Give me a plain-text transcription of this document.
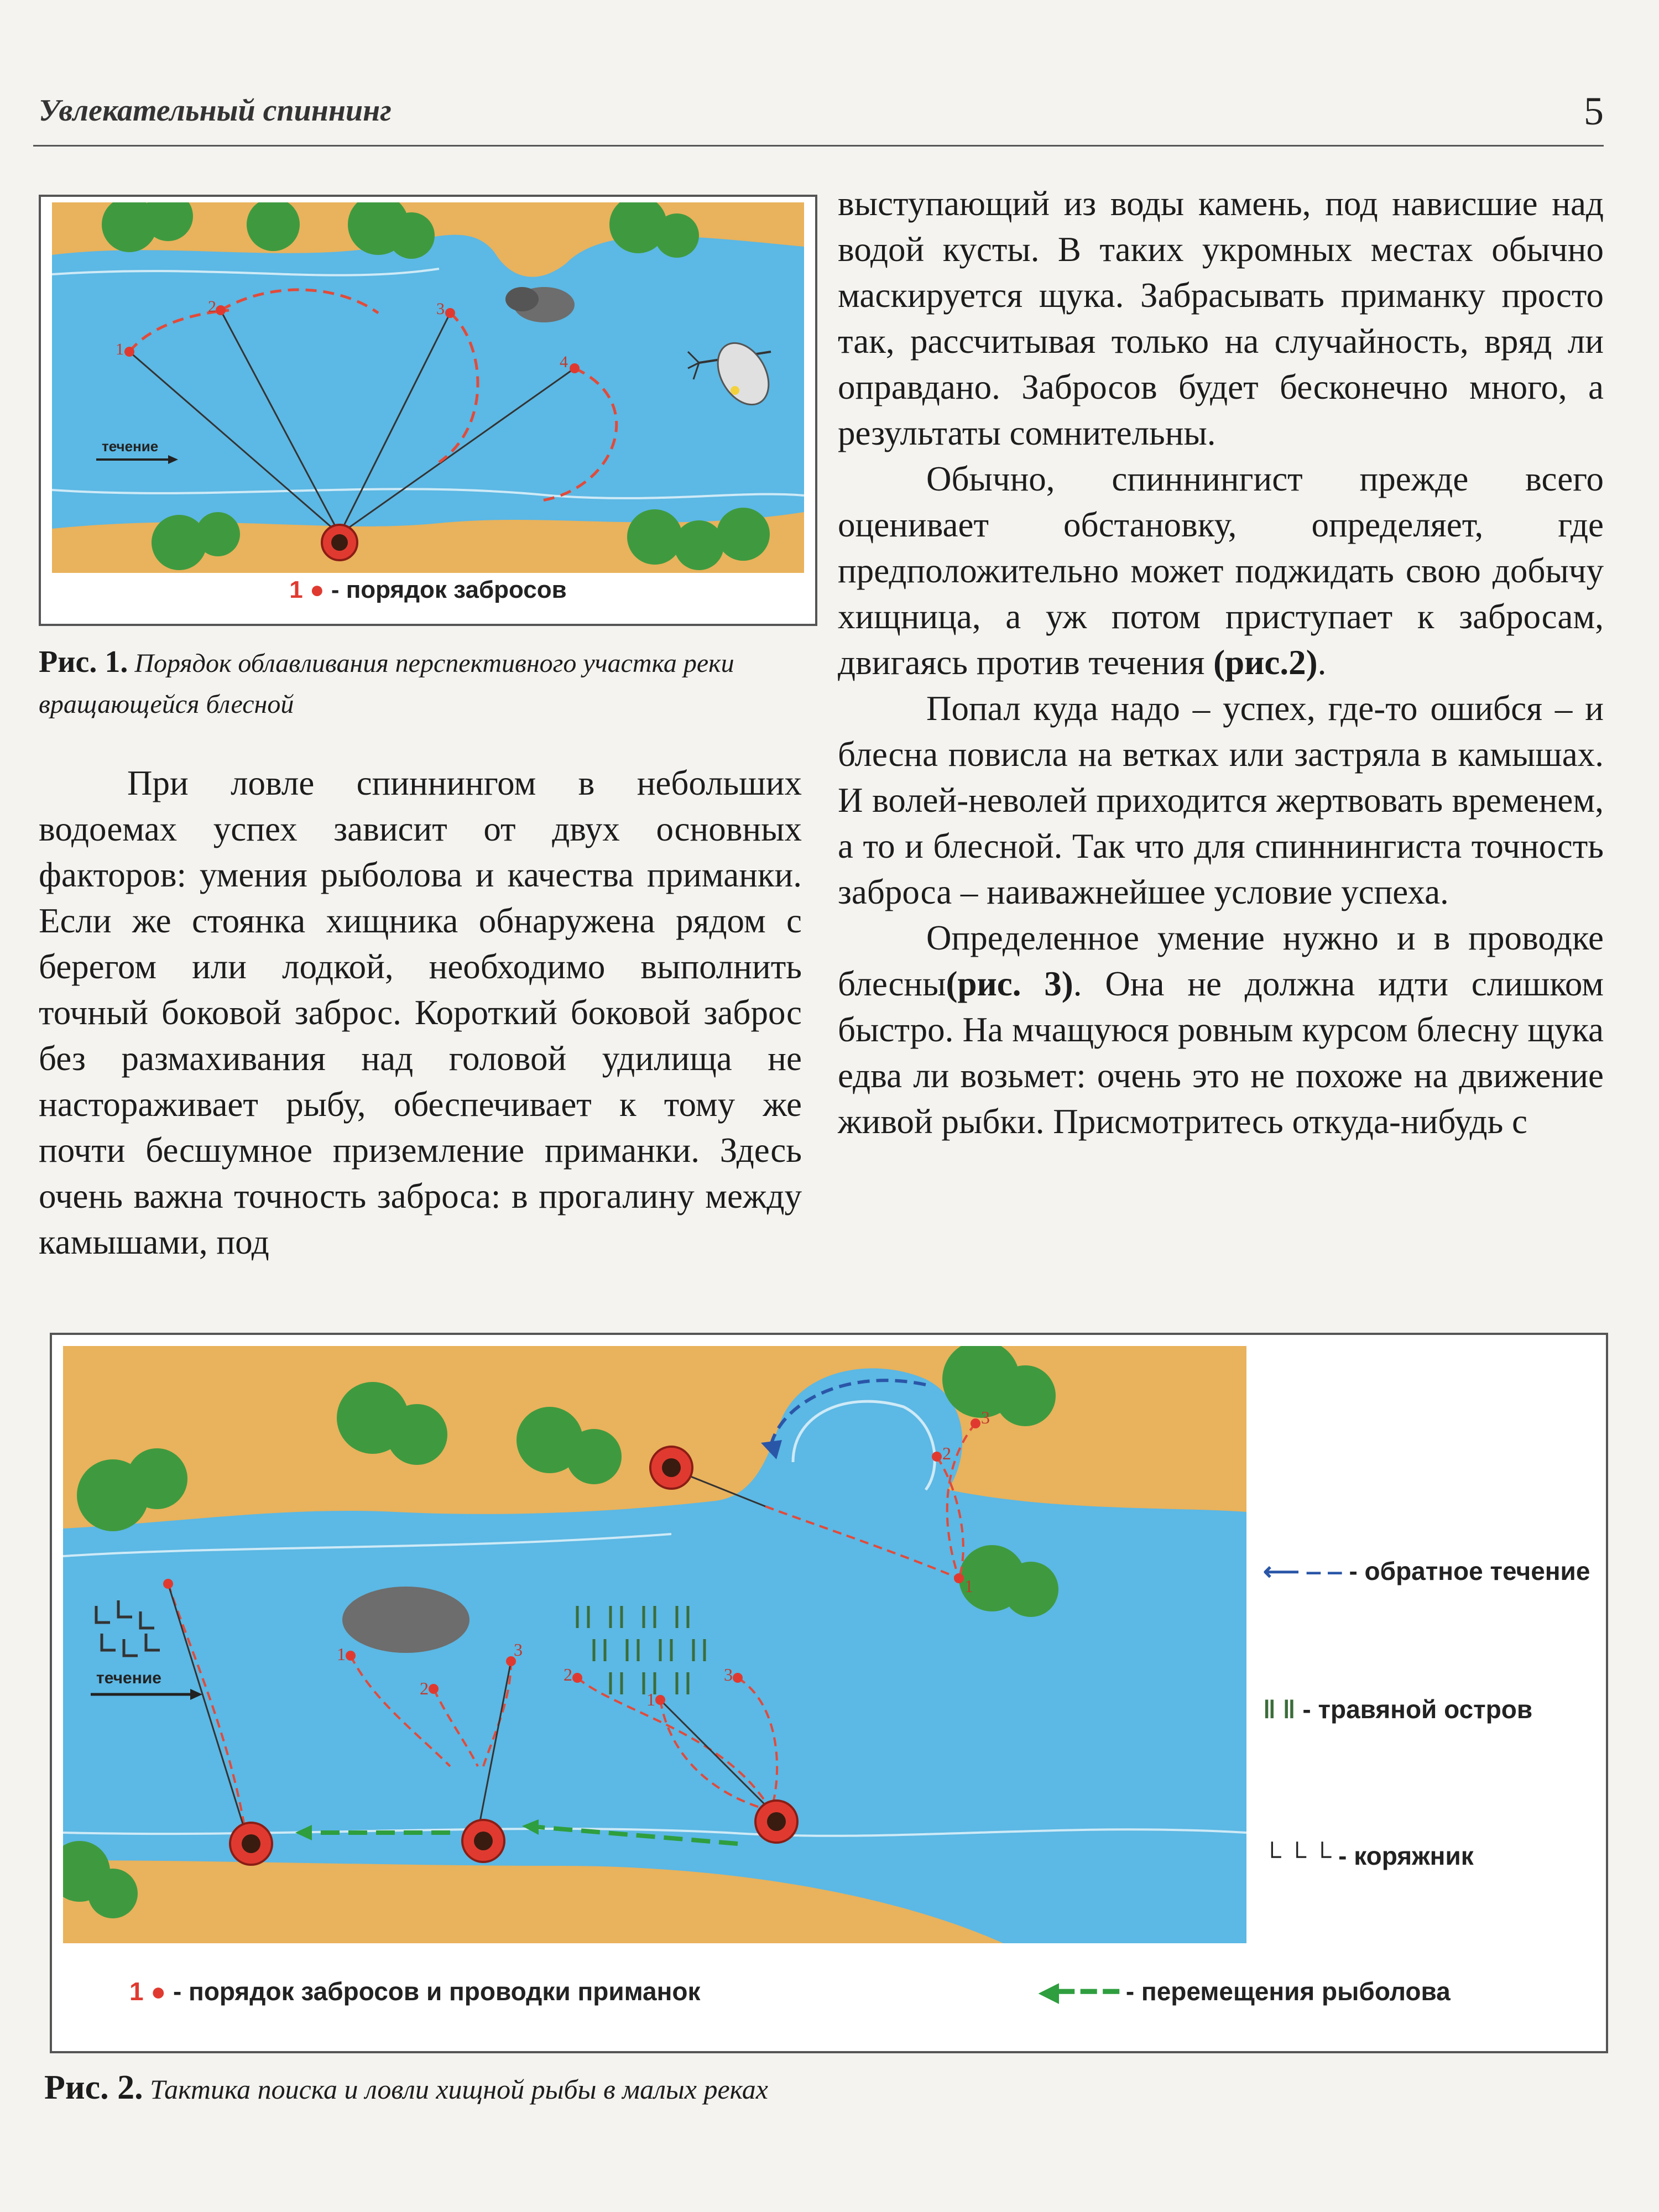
Увлекательный спиннинг	5
1
2	3
4
течение
1 ● - порядок забросов
Рис. 1. Порядок облавливания перспективного участка реки вращающейся блесной

При ловле спиннингом в небольших водоемах успех зависит от двух основных факторов: умения рыболова и качества приманки. Если же стоянка хищника обнаружена рядом с берегом или лодкой, необходимо выполнить точный боковой заброс. Короткий боковой заброс без размахивания над головой удилища не настораживает рыбу, обеспечивает к тому же почти бесшумное приземление приманки. Здесь очень важна точность заброса: в прогалину между камышами, под

выступающий из воды камень, под нависшие над водой кусты. В таких укромных местах обычно маскируется щука. Забрасывать приманку просто так, рассчитывая только на случайность, вряд ли оправдано. Забросов будет бесконечно много, а результаты сомнительны.

Обычно, спиннингист прежде всего оценивает обстановку, определяет, где предположительно может поджидать свою добычу хищница, а уж потом приступает к забросам, двигаясь против течения (рис.2).

Попал куда надо – успех, где-то ошибся – и блесна повисла на ветках или застряла в камышах. И волей-неволей приходится жертвовать временем, а то и блесной. Так что для спиннингиста точность заброса – наиважнейшее условие успеха.

Определенное умение нужно и в проводке блесны(рис. 3). Она не должна идти слишком быстро. На мчащуюся ровным курсом блесну щука едва ли возьмет: очень это не похоже на движение живой рыбки. Присмотритесь откуда-нибудь с

1
2
3
2
1
3
2
3
1
течение
⟵ ‒ ‒ - обратное течение
‖ ‖ - травяной остров
└ └ └ - коряжник
1 ● - порядок забросов и проводки приманок	◀━ ━ ━ - перемещения рыболова
Рис. 2. Тактика поиска и ловли хищной рыбы в малых реках
